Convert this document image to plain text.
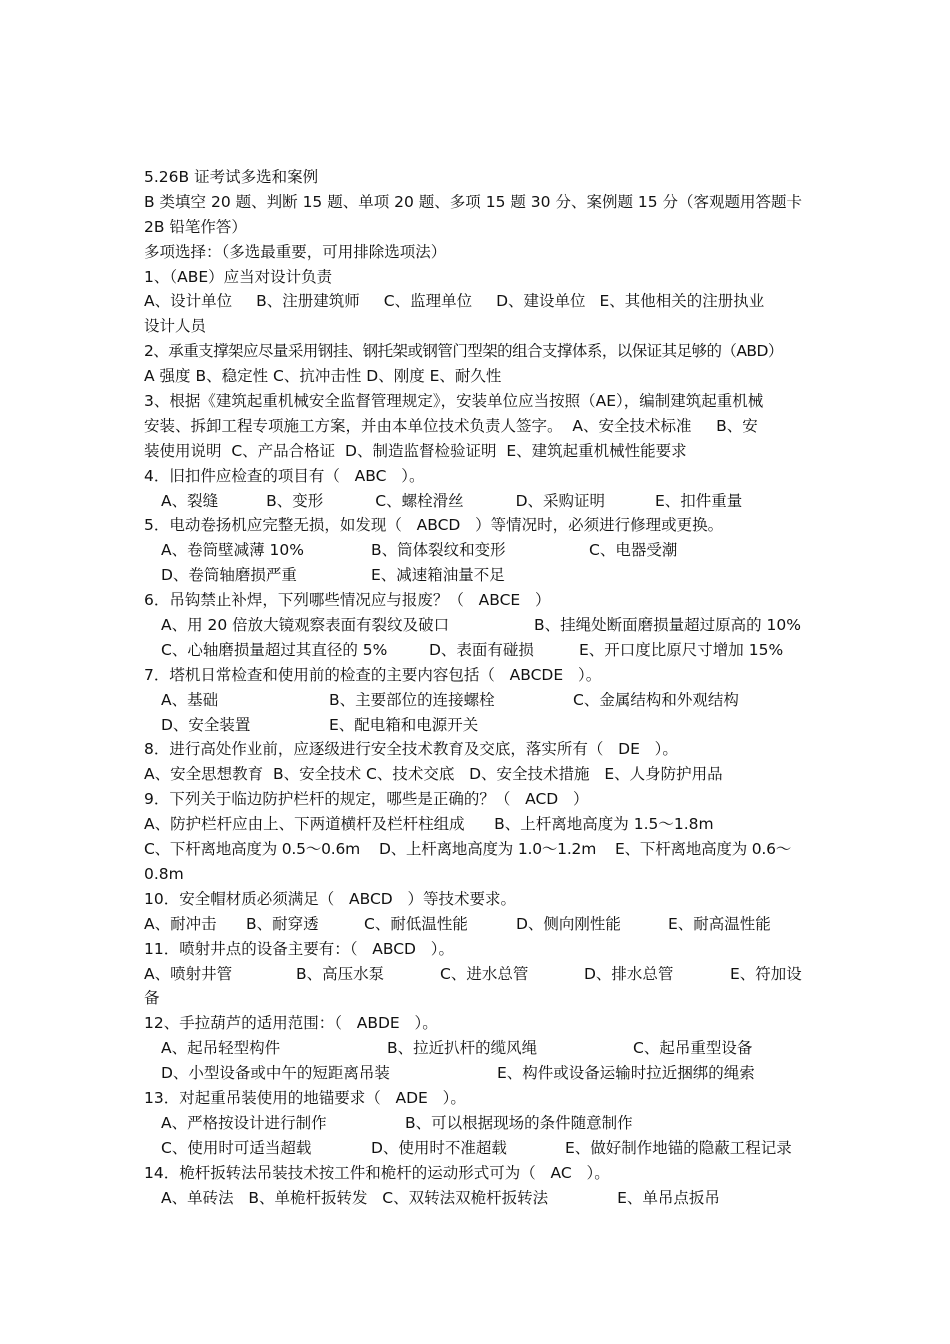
5.26B 证考试多选和案例
B 类填空 20 题、判断 15 题、单项 20 题、多项 15 题 30 分、案例题 15 分（客观题用答题卡
2B 铅笔作答）
多项选择：（多选最重要，可用排除选项法）
1、（ABE）应当对设计负责
A、设计单位 B、注册建筑师 C、监理单位 D、建设单位 E、其他相关的注册执业
设计人员
2、承重支撑架应尽量采用钢挂、钢托架或钢管门型架的组合支撑体系，以保证其足够的（ABD）
A 强度 B、稳定性 C、抗冲击性 D、刚度 E、耐久性
3、根据《建筑起重机械安全监督管理规定》，安装单位应当按照（AE），编制建筑起重机械
安装、拆卸工程专项施工方案，并由本单位技术负责人签字。  A、安全技术标准     B、安
装使用说明  C、产品合格证  D、制造监督检验证明  E、建筑起重机械性能要求
4．旧扣件应检查的项目有（   ABC   ）。
A、裂缝	B、变形	C、螺栓滑丝	D、采购证明	E、扣件重量
5．电动卷扬机应完整无损，如发现（   ABCD   ）等情况时，必须进行修理或更换。
A、卷筒壁减薄 10%	B、筒体裂纹和变形	C、电器受潮
D、卷筒轴磨损严重	E、减速箱油量不足
6．吊钩禁止补焊，下列哪些情况应与报废？（   ABCE   ）
A、用 20 倍放大镜观察表面有裂纹及破口	B、挂绳处断面磨损量超过原高的 10%
C、心轴磨损量超过其直径的 5%	D、表面有碰损	E、开口度比原尺寸增加 15%
7．塔机日常检查和使用前的检查的主要内容包括（   ABCDE   ）。
A、基础	B、主要部位的连接螺栓	C、金属结构和外观结构
D、安全装置	E、配电箱和电源开关
8．进行高处作业前，应逐级进行安全技术教育及交底，落实所有（   DE   ）。
A、安全思想教育  B、安全技术 C、技术交底   D、安全技术措施   E、人身防护用品
9．下列关于临边防护栏杆的规定，哪些是正确的？（   ACD   ）
A、防护栏杆应由上、下两道横杆及栏杆柱组成      B、上杆离地高度为 1.5～1.8m
C、下杆离地高度为 0.5～0.6m    D、上杆离地高度为 1.0～1.2m    E、下杆离地高度为 0.6～
0.8m
10．安全帽材质必须满足（   ABCD   ）等技术要求。
A、耐冲击 B、耐穿透	C、耐低温性能	D、侧向刚性能	E、耐高温性能
11．喷射井点的设备主要有：（   ABCD   ）。
A、喷射井管	B、高压水泵	C、进水总管	D、排水总管	E、符加设
备
12、手拉葫芦的适用范围：（   ABDE   ）。
A、起吊轻型构件	B、拉近扒杆的缆风绳	C、起吊重型设备
D、小型设备或中午的短距离吊装	E、构件或设备运输时拉近捆绑的绳索
13．对起重吊装使用的地锚要求（   ADE   ）。
A、严格按设计进行制作	B、可以根据现场的条件随意制作
C、使用时可适当超载	D、使用时不准超载	E、做好制作地锚的隐蔽工程记录
14．桅杆扳转法吊装技术按工件和桅杆的运动形式可为（   AC   ）。
A、单砖法   B、单桅杆扳转发   C、双转法双桅杆扳转法              E、单吊点扳吊
